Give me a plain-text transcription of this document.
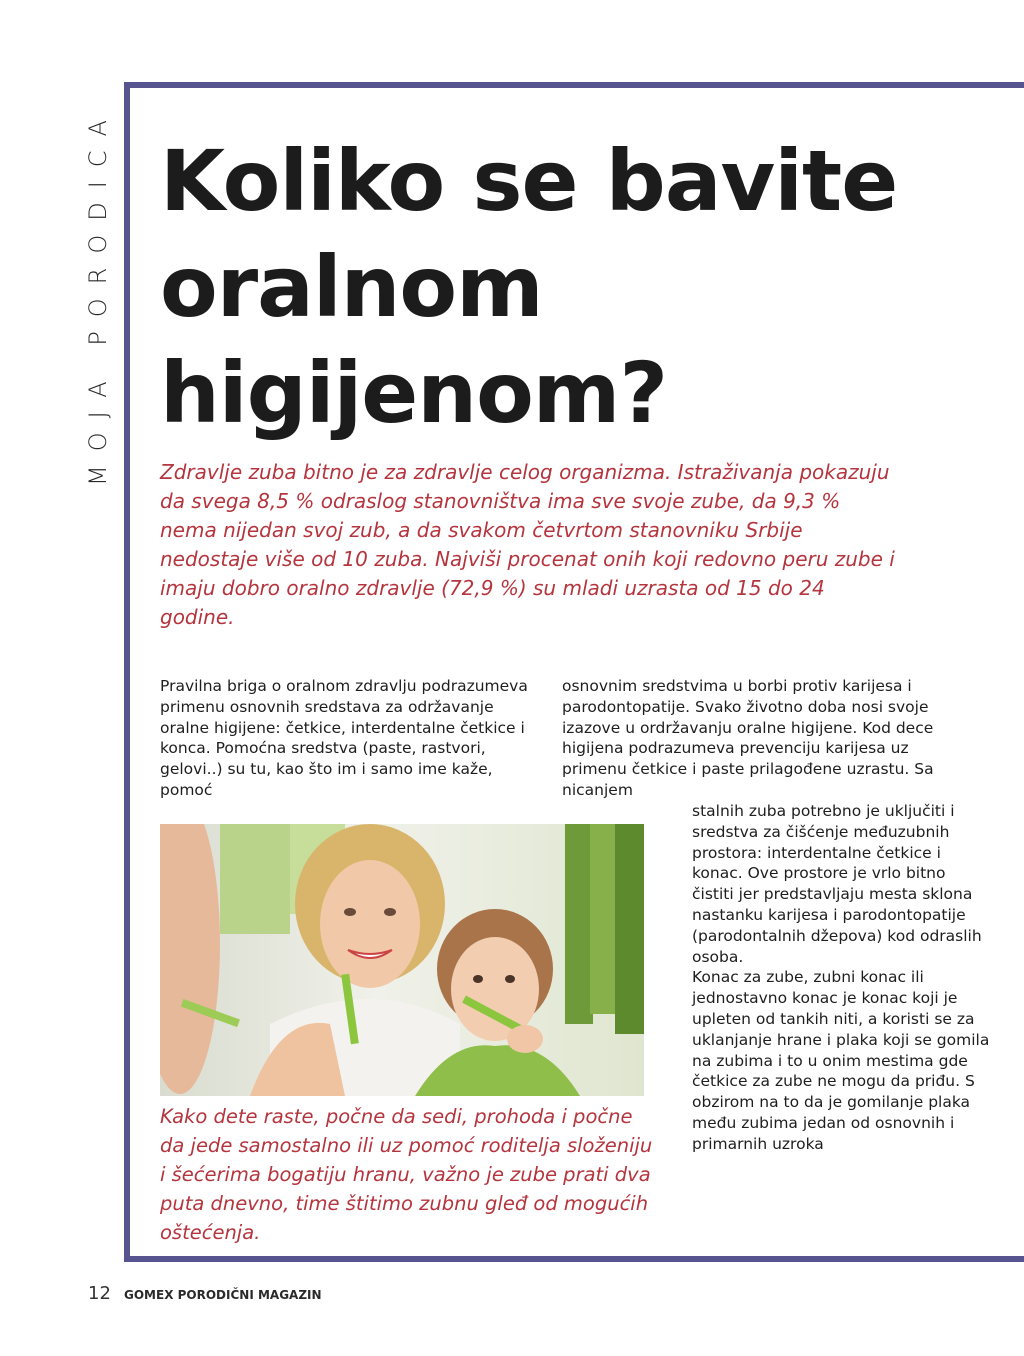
MOJA PORODICA Koliko se bavite oralnom higijenom?

Zdravlje zuba bitno je za zdravlje celog organizma. Istraživanja pokazuju da svega 8,5 % odraslog stanovništva ima sve svoje zube, da 9,3 % nema nijedan svoj zub, a da svakom četvrtom stanovniku Srbije nedostaje više od 10 zuba. Najviši procenat onih koji redovno peru zube i imaju dobro oralno zdravlje (72,9 %) su mladi uzrasta od 15 do 24 godine.

Pravilna briga o oralnom zdravlju podrazumeva primenu osnovnih sredstava za održavanje oralne higijene: četkice, interdentalne četkice i konca. Pomoćna sredstva (paste, rastvori, gelovi..) su tu, kao što im i samo ime kaže, pomoć

osnovnim sredstvima u borbi protiv karijesa i parodontopatije. Svako životno doba nosi svoje izazove u ordržavanju oralne higijene. Kod dece higijena podrazumeva prevenciju karijesa uz primenu četkice i paste prilagođene uzrastu. Sa nicanjem

stalnih zuba potrebno je uključiti i sredstva za čišćenje međuzubnih prostora: interdentalne četkice i konac. Ove prostore je vrlo bitno čistiti jer predstavljaju mesta sklona nastanku karijesa i parodontopatije (parodontalnih džepova) kod odraslih osoba.
Konac za zube, zubni konac ili jednostavno konac je konac koji je upleten od tankih niti, a koristi se za uklanjanje hrane i plaka koji se gomila na zubima i to u onim mestima gde četkice za zube ne mogu da priđu. S obzirom na to da je gomilanje plaka među zubima jedan od osnovnih i primarnih uzroka

Kako dete raste, počne da sedi, prohoda i počne da jede samostalno ili uz pomoć roditelja složeniju i šećerima bogatiju hranu, važno je zube prati dva puta dnevno, time štitimo zubnu gleđ od mogućih oštećenja.

12 GOMEX PORODIČNI MAGAZIN
